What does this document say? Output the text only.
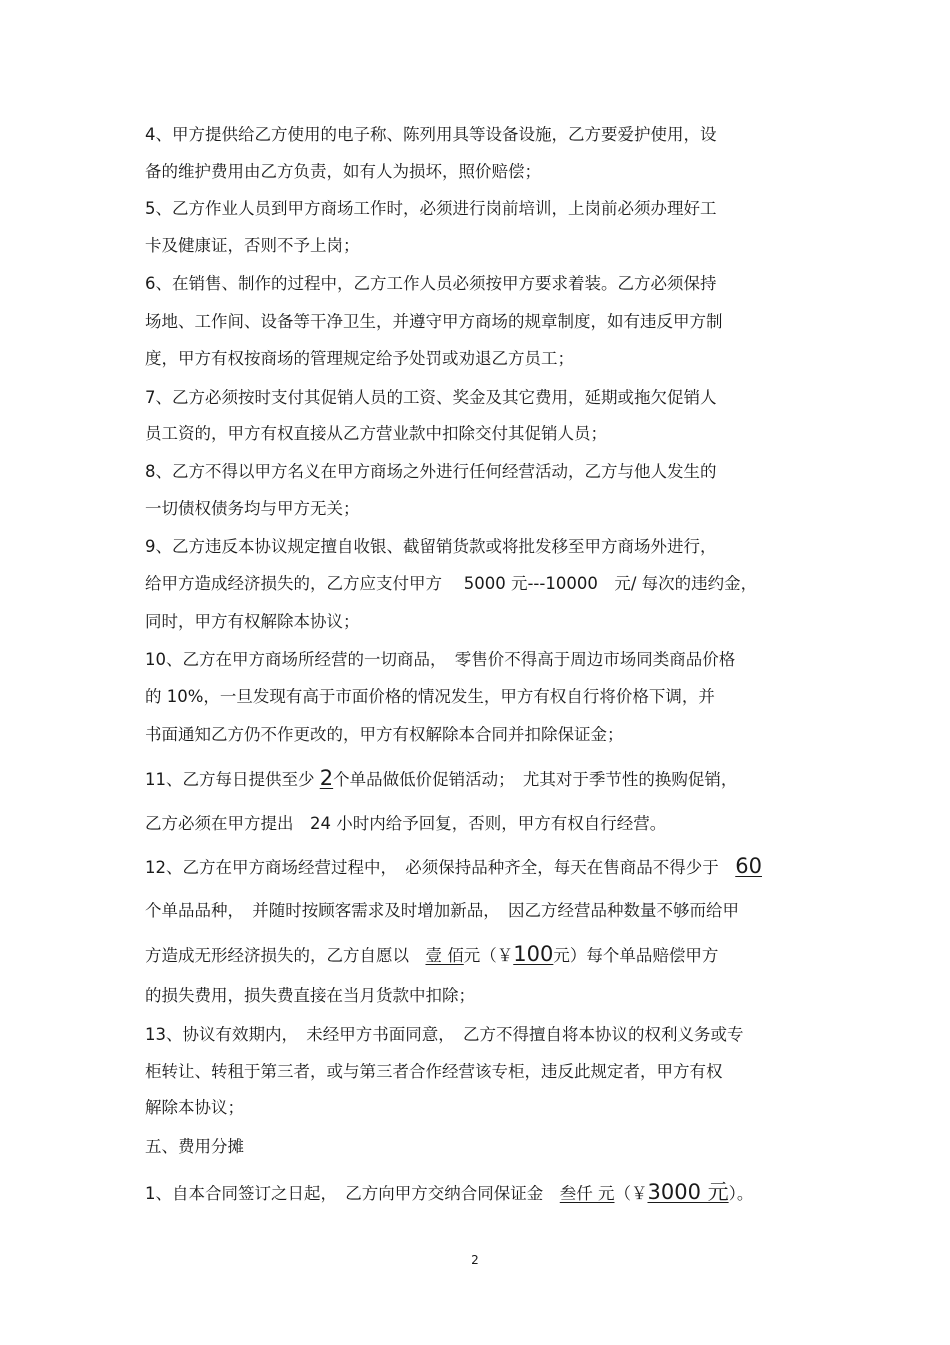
4、甲方提供给乙方使用的电子称、陈列用具等设备设施，乙方要爱护使用，设
备的维护费用由乙方负责，如有人为损坏，照价赔偿；
5、乙方作业人员到甲方商场工作时，必须进行岗前培训，上岗前必须办理好工
卡及健康证，否则不予上岗；
6、在销售、制作的过程中，乙方工作人员必须按甲方要求着装。乙方必须保持
场地、工作间、设备等干净卫生，并遵守甲方商场的规章制度，如有违反甲方制
度，甲方有权按商场的管理规定给予处罚或劝退乙方员工；
7、乙方必须按时支付其促销人员的工资、奖金及其它费用，延期或拖欠促销人
员工资的，甲方有权直接从乙方营业款中扣除交付其促销人员；
8、乙方不得以甲方名义在甲方商场之外进行任何经营活动，乙方与他人发生的
一切债权债务均与甲方无关；
9、乙方违反本协议规定擅自收银、截留销货款或将批发移至甲方商场外进行，
给甲方造成经济损失的，乙方应支付甲方　 5000 元---10000　元/ 每次的违约金，
同时，甲方有权解除本协议；
10、乙方在甲方商场所经营的一切商品，　零售价不得高于周边市场同类商品价格
的 10%，一旦发现有高于市面价格的情况发生，甲方有权自行将价格下调，并
书面通知乙方仍不作更改的，甲方有权解除本合同并扣除保证金；
11、乙方每日提供至少 2个单品做低价促销活动；　尤其对于季节性的换购促销，
乙方必须在甲方提出　24 小时内给予回复，否则，甲方有权自行经营。
12、乙方在甲方商场经营过程中，　必须保持品种齐全，每天在售商品不得少于　60
个单品品种，　并随时按顾客需求及时增加新品，　因乙方经营品种数量不够而给甲
方造成无形经济损失的，乙方自愿以　壹 佰元（￥100元）每个单品赔偿甲方
的损失费用，损失费直接在当月货款中扣除；
13、协议有效期内，　未经甲方书面同意，　乙方不得擅自将本协议的权利义务或专
柜转让、转租于第三者，或与第三者合作经营该专柜，违反此规定者，甲方有权
解除本协议；
五、费用分摊
1、自本合同签订之日起，　乙方向甲方交纳合同保证金　叁仟 元（￥3000 元）。
2
